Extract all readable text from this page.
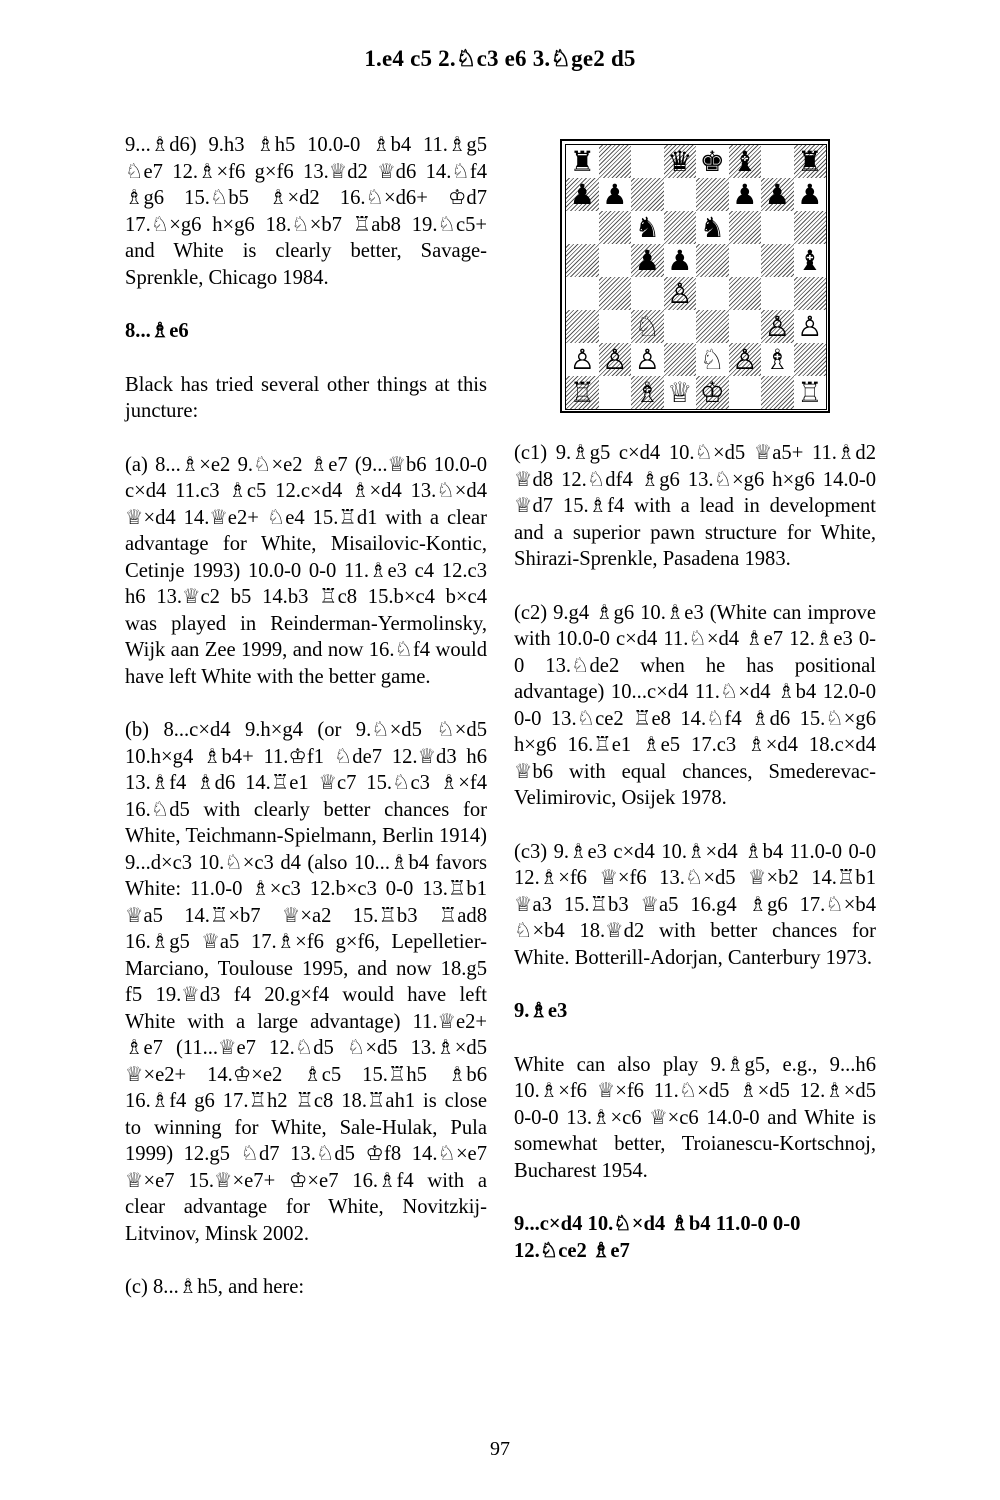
1.e4 c5 2.♘c3 e6 3.♘ge2 d5

9...♗d6) 9.h3 ♗h5 10.0-0 ♗b4 11.♗g5 ♘e7 12.♗×f6 g×f6 13.♕d2 ♕d6 14.♘f4 ♗g6 15.♘b5 ♗×d2 16.♘×d6+ ♔d7 17.♘×g6 h×g6 18.♘×b7 ♖ab8 19.♘c5+ and White is clearly better, Savage-Sprenkle, Chicago 1984.

8...♗e6

Black has tried several other things at this juncture:

(a) 8...♗×e2 9.♘×e2 ♗e7 (9...♕b6 10.0-0 c×d4 11.c3 ♗c5 12.c×d4 ♗×d4 13.♘×d4 ♕×d4 14.♕e2+ ♘e4 15.♖d1 with a clear advantage for White, Misailovic-Kontic, Cetinje 1993) 10.0-0 0-0 11.♗e3 c4 12.c3 h6 13.♕c2 b5 14.b3 ♖c8 15.b×c4 b×c4 was played in Reinderman-Yermolinsky, Wijk aan Zee 1999, and now 16.♘f4 would have left White with the better game.

(b) 8...c×d4 9.h×g4 (or 9.♘×d5 ♘×d5 10.h×g4 ♗b4+ 11.♔f1 ♘de7 12.♕d3 h6 13.♗f4 ♗d6 14.♖e1 ♕c7 15.♘c3 ♗×f4 16.♘d5 with clearly better chances for White, Teichmann-Spielmann, Berlin 1914) 9...d×c3 10.♘×c3 d4 (also 10...♗b4 favors White: 11.0-0 ♗×c3 12.b×c3 0-0 13.♖b1 ♕a5 14.♖×b7 ♕×a2 15.♖b3 ♖ad8 16.♗g5 ♕a5 17.♗×f6 g×f6, Lepelletier-Marciano, Toulouse 1995, and now 18.g5 f5 19.♕d3 f4 20.g×f4 would have left White with a large advantage) 11.♕e2+ ♗e7 (11...♕e7 12.♘d5 ♘×d5 13.♗×d5 ♕×e2+ 14.♔×e2 ♗c5 15.♖h5 ♗b6 16.♗f4 g6 17.♖h2 ♖c8 18.♖ah1 is close to winning for White, Sale-Hulak, Pula 1999) 12.g5 ♘d7 13.♘d5 ♔f8 14.♘×e7 ♕×e7 15.♕×e7+ ♔×e7 16.♗f4 with a clear advantage for White, Novitzkij-Litvinov, Minsk 2002.

(c) 8...♗h5, and here:

♜	♛ ♚ ♝ ♜
♟ ♟	♟ ♟ ♟
♞ ♞
♟ ♟	♝
♙
♘	♙ ♙
♙ ♙ ♙ ♘ ♙ ♗
♖ ♗ ♕ ♔	♖

(c1) 9.♗g5 c×d4 10.♘×d5 ♕a5+ 11.♗d2 ♕d8 12.♘df4 ♗g6 13.♘×g6 h×g6 14.0-0 ♕d7 15.♗f4 with a lead in development and a superior pawn structure for White, Shirazi-Sprenkle, Pasadena 1983.

(c2) 9.g4 ♗g6 10.♗e3 (White can improve with 10.0-0 c×d4 11.♘×d4 ♗e7 12.♗e3 0-0 13.♘de2 when he has positional advantage) 10...c×d4 11.♘×d4 ♗b4 12.0-0 0-0 13.♘ce2 ♖e8 14.♘f4 ♗d6 15.♘×g6 h×g6 16.♖e1 ♗e5 17.c3 ♗×d4 18.c×d4 ♕b6 with equal chances, Smederevac-Velimirovic, Osijek 1978.

(c3) 9.♗e3 c×d4 10.♗×d4 ♗b4 11.0-0 0-0 12.♗×f6 ♕×f6 13.♘×d5 ♕×b2 14.♖b1 ♕a3 15.♖b3 ♕a5 16.g4 ♗g6 17.♘×b4 ♘×b4 18.♕d2 with better chances for White. Botterill-Adorjan, Canterbury 1973.

9.♗e3

White can also play 9.♗g5, e.g., 9...h6 10.♗×f6 ♕×f6 11.♘×d5 ♗×d5 12.♗×d5 0-0-0 13.♗×c6 ♕×c6 14.0-0 and White is somewhat better, Troianescu-Kortschnoj, Bucharest 1954.

9...c×d4 10.♘×d4 ♗b4 11.0-0 0-0 12.♘ce2 ♗e7

97
